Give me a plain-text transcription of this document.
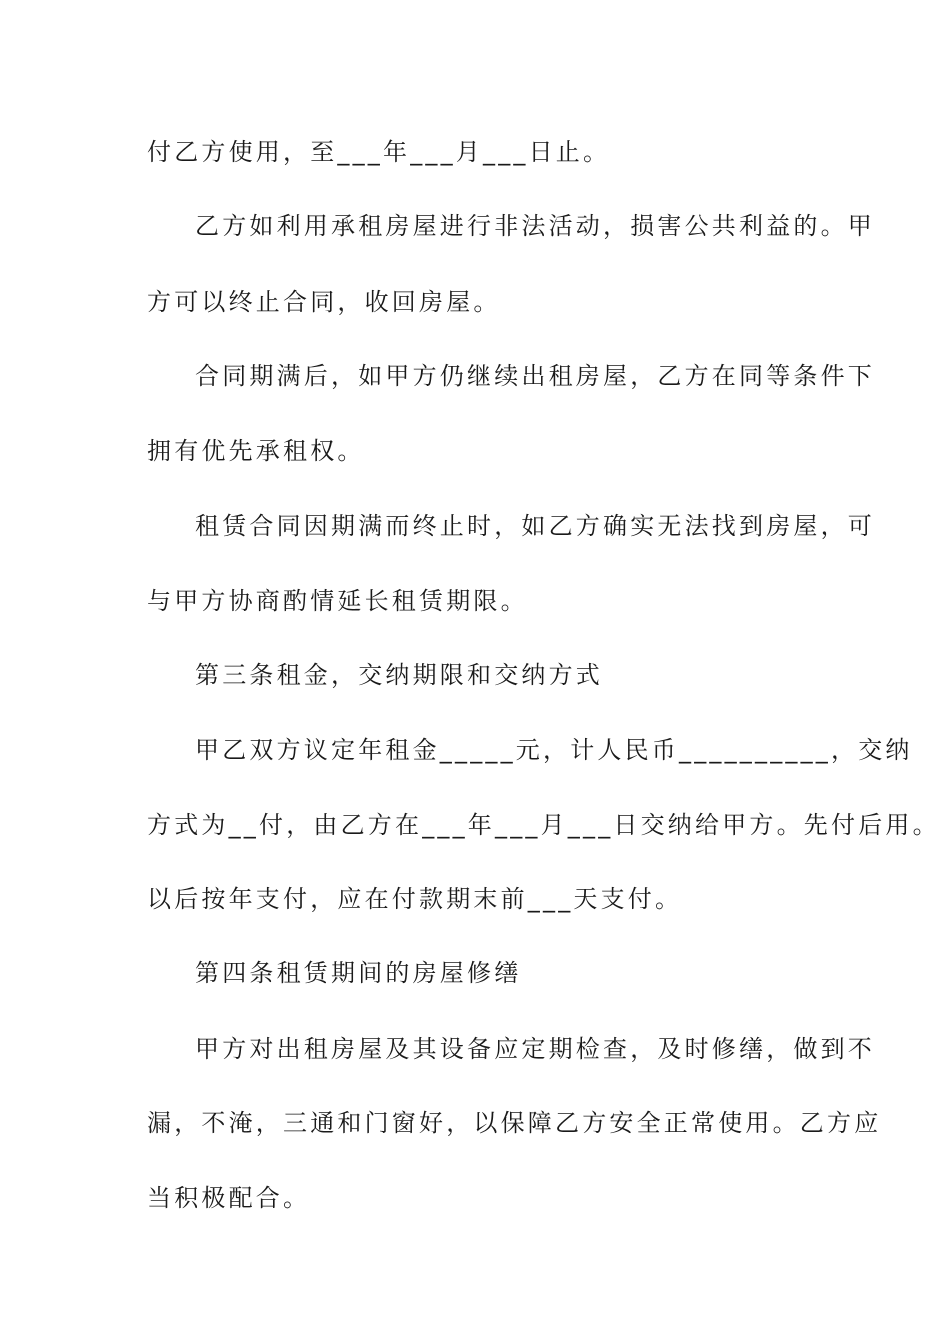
付乙方使用，至___年___月___日止。
乙方如利用承租房屋进行非法活动，损害公共利益的。甲
方可以终止合同，收回房屋。
合同期满后，如甲方仍继续出租房屋，乙方在同等条件下
拥有优先承租权。
租赁合同因期满而终止时，如乙方确实无法找到房屋，可
与甲方协商酌情延长租赁期限。
第三条租金，交纳期限和交纳方式
甲乙双方议定年租金_____元，计人民币__________，交纳
方式为__付，由乙方在___年___月___日交纳给甲方。先付后用。
以后按年支付，应在付款期末前___天支付。
第四条租赁期间的房屋修缮
甲方对出租房屋及其设备应定期检查，及时修缮，做到不
漏，不淹，三通和门窗好，以保障乙方安全正常使用。乙方应
当积极配合。
